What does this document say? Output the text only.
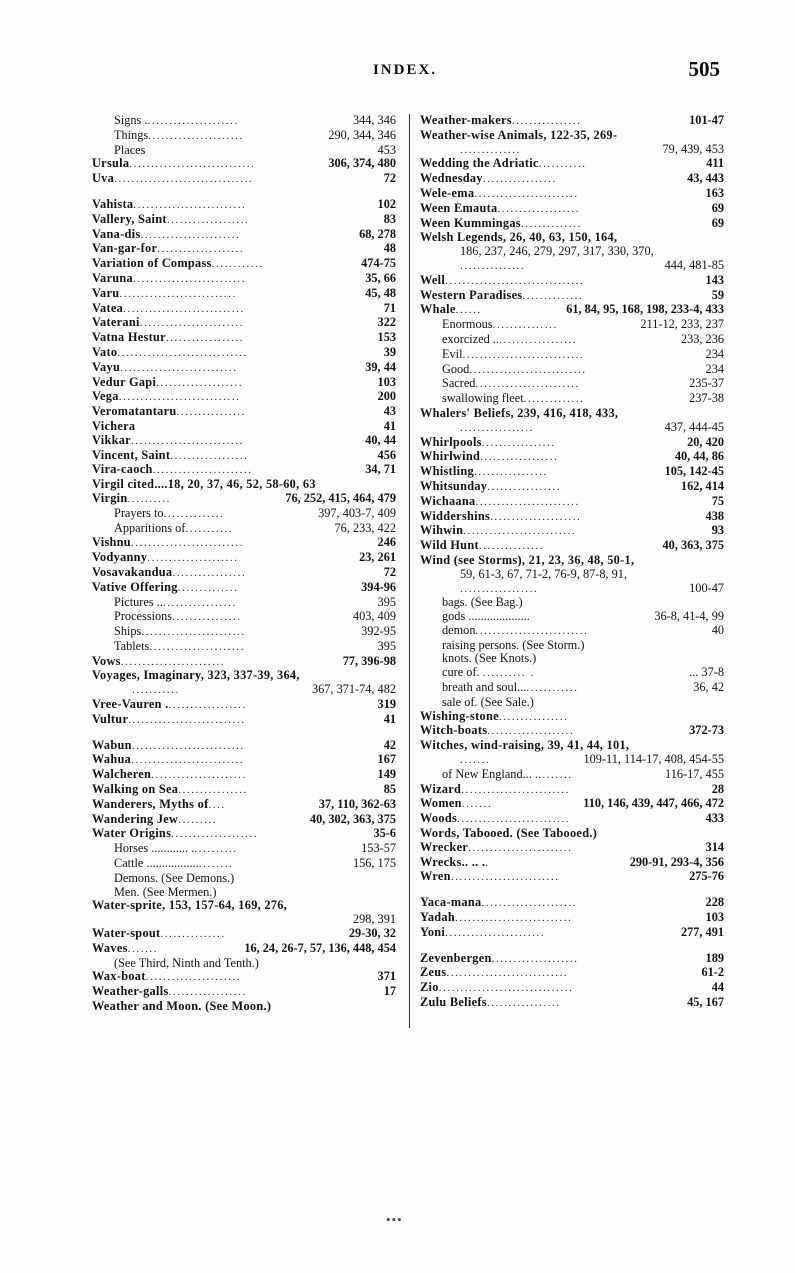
INDEX.	505
Signs ......................	344, 346
Things......................	290, 344, 346
Places	453
Ursula.............................	306, 374, 480
Uva................................	72
Vahista..........................	102
Vallery, Saint...................	83
Vana-dis.......................	68, 278
Van-gar-for....................	48
Variation of Compass............	474-75
Varuna..........................	35, 66
Varu...........................	45, 48
Vatea............................	71
Vaterani........................	322
Vatna Hestur..................	153
Vato..............................	39
Vayu...........................	39, 44
Vedur Gapi....................	103
Vega............................	200
Veromatantaru................	43
Vichera	41
Vikkar..........................	40, 44
Vincent, Saint..................	456
Vira-caoch.......................	34, 71
Virgil cited....18, 20, 37, 46, 52, 58-60, 63
Virgin..........	76, 252, 415, 464, 479
Prayers to..............	397, 403-7, 409
Apparitions of...........	76, 233, 422
Vishnu..........................	246
Vodyanny.....................	23, 261
Vosavakandua.................	72
Vative Offering..............	394-96
Pictures ...................	395
Processions................	403, 409
Ships........................	392-95
Tablets......................	395
Vows........................	77, 396-98
Voyages, Imaginary, 323, 337-39, 364,
...........	367, 371-74, 482
Vree-Vauren ...................	319
Vultur...........................	41
Wabun..........................	42
Wahua..........................	167
Walcheren......................	149
Walking on Sea................	85
Wanderers, Myths of....	37, 110, 362-63
Wandering Jew.........	40, 302, 363, 375
Water Origins....................	35-6
Horses ............ ...........	153-57
Cattle .........................	156, 175
Demons. (See Demons.)
Men. (See Mermen.)
Water-sprite, 153, 157-64, 169, 276,
298, 391
Water-spout...............	29-30, 32
Waves.......	16, 24, 26-7, 57, 136, 448, 454
(See Third, Ninth and Tenth.)
Wax-boat......................	371
Weather-galls..................	17
Weather and Moon. (See Moon.)
Weather-makers................	101-47
Weather-wise Animals, 122-35, 269-
..............	79, 439, 453
Wedding the Adriatic...........	411
Wednesday.................	43, 443
Wele-ema........................	163
Ween Emauta...................	69
Ween Kummingas..............	69
Welsh Legends, 26, 40, 63, 150, 164,
186, 237, 246, 279, 297, 317, 330, 370,
...............	444, 481-85
Well................................	143
Western Paradises..............	59
Whale......	61, 84, 95, 168, 198, 233-4, 433
Enormous...............	211-12, 233, 237
exorcized ....................	233, 236
Evil............................	234
Good...........................	234
Sacred........................	235-37
swallowing fleet..............	237-38
Whalers' Beliefs, 239, 416, 418, 433,
.................	437, 444-45
Whirlpools.................	20, 420
Whirlwind..................	40, 44, 86
Whistling.................	105, 142-45
Whitsunday.................	162, 414
Wichaana........................	75
Widdershins.....................	438
Wihwin..........................	93
Wild Hunt...............	40, 363, 375
Wind (see Storms), 21, 23, 36, 48, 50-1,
59, 61-3, 67, 71-2, 76-9, 87-8, 91,
..................	100-47
bags. (See Bag.)
gods ....................	36-8, 41-4, 99
demon..........................	40
raising persons. (See Storm.)
knots. (See Knots.)
cure of. .......... .	... 37-8
breath and soul...............	36, 42
sale of. (See Sale.)
Wishing-stone................
Witch-boats....................	372-73
Witches, wind-raising, 39, 41, 44, 101,
.......	109-11, 114-17, 408, 454-55
of New England... .........	116-17, 455
Wizard.........................	28
Women.......	110, 146, 439, 447, 466, 472
Woods..........................	433
Words, Tabooed. (See Tabooed.)
Wrecker........................	314
Wrecks.. .. ..	290-91, 293-4, 356
Wren.........................	275-76
Yaca-mana......................	228
Yadah...........................	103
Yoni.......................	277, 491
Zevenbergen....................	189
Zeus............................	61-2
Zio...............................	44
Zulu Beliefs.................	45, 167
•••
